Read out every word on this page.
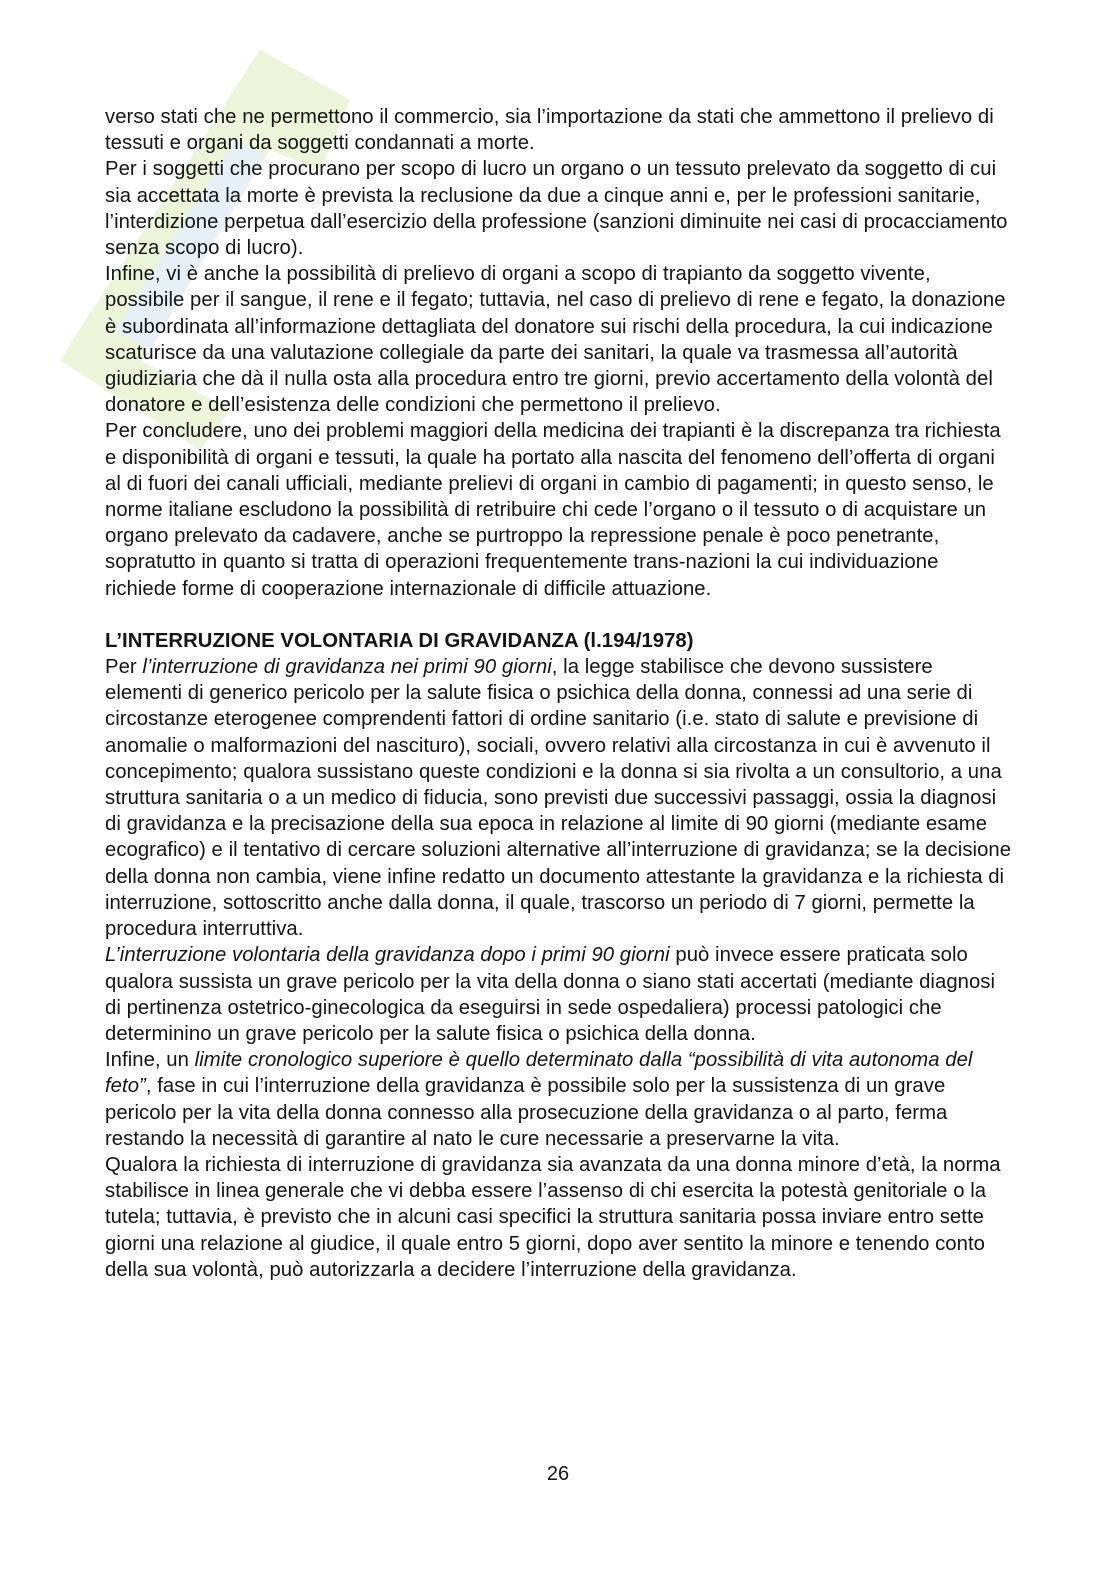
verso stati che ne permettono il commercio, sia l’importazione da stati che ammettono il prelievo di tessuti e organi da soggetti condannati a morte.

Per i soggetti che procurano per scopo di lucro un organo o un tessuto prelevato da soggetto di cui sia accettata la morte è prevista la reclusione da due a cinque anni e, per le professioni sanitarie, l’interdizione perpetua dall’esercizio della professione (sanzioni diminuite nei casi di procacciamento senza scopo di lucro).

Infine, vi è anche la possibilità di prelievo di organi a scopo di trapianto da soggetto vivente, possibile per il sangue, il rene e il fegato; tuttavia, nel caso di prelievo di rene e fegato, la donazione è subordinata all’informazione dettagliata del donatore sui rischi della procedura, la cui indicazione scaturisce da una valutazione collegiale da parte dei sanitari, la quale va trasmessa all’autorità giudiziaria che dà il nulla osta alla procedura entro tre giorni, previo accertamento della volontà del donatore e dell’esistenza delle condizioni che permettono il prelievo.

Per concludere, uno dei problemi maggiori della medicina dei trapianti è la discrepanza tra richiesta e disponibilità di organi e tessuti, la quale ha portato alla nascita del fenomeno dell’offerta di organi al di fuori dei canali ufficiali, mediante prelievi di organi in cambio di pagamenti; in questo senso, le norme italiane escludono la possibilità di retribuire chi cede l’organo o il tessuto o di acquistare un organo prelevato da cadavere, anche se purtroppo la repressione penale è poco penetrante, sopratutto in quanto si tratta di operazioni frequentemente trans-nazioni la cui individuazione richiede forme di cooperazione internazionale di difficile attuazione.

L’INTERRUZIONE VOLONTARIA DI GRAVIDANZA (l.194/1978)

Per l’interruzione di gravidanza nei primi 90 giorni, la legge stabilisce che devono sussistere elementi di generico pericolo per la salute fisica o psichica della donna, connessi ad una serie di circostanze eterogenee comprendenti fattori di ordine sanitario (i.e. stato di salute e previsione di anomalie o malformazioni del nascituro), sociali, ovvero relativi alla circostanza in cui è avvenuto il concepimento; qualora sussistano queste condizioni e la donna si sia rivolta a un consultorio, a una struttura sanitaria o a un medico di fiducia, sono previsti due successivi passaggi, ossia la diagnosi di gravidanza e la precisazione della sua epoca in relazione al limite di 90 giorni (mediante esame ecografico) e il tentativo di cercare soluzioni alternative all’interruzione di gravidanza; se la decisione della donna non cambia, viene infine redatto un documento attestante la gravidanza e la richiesta di interruzione, sottoscritto anche dalla donna, il quale, trascorso un periodo di 7 giorni, permette la procedura interruttiva.

L’interruzione volontaria della gravidanza dopo i primi 90 giorni può invece essere praticata solo qualora sussista un grave pericolo per la vita della donna o siano stati accertati (mediante diagnosi di pertinenza ostetrico-ginecologica da eseguirsi in sede ospedaliera) processi patologici che determinino un grave pericolo per la salute fisica o psichica della donna.

Infine, un limite cronologico superiore è quello determinato dalla “possibilità di vita autonoma del feto”, fase in cui l’interruzione della gravidanza è possibile solo per la sussistenza di un grave pericolo per la vita della donna connesso alla prosecuzione della gravidanza o al parto, ferma restando la necessità di garantire al nato le cure necessarie a preservarne la vita.

Qualora la richiesta di interruzione di gravidanza sia avanzata da una donna minore d’età, la norma stabilisce in linea generale che vi debba essere l’assenso di chi esercita la potestà genitoriale o la tutela; tuttavia, è previsto che in alcuni casi specifici la struttura sanitaria possa inviare entro sette giorni una relazione al giudice, il quale entro 5 giorni, dopo aver sentito la minore e tenendo conto della sua volontà, può autorizzarla a decidere l’interruzione della gravidanza.

26
